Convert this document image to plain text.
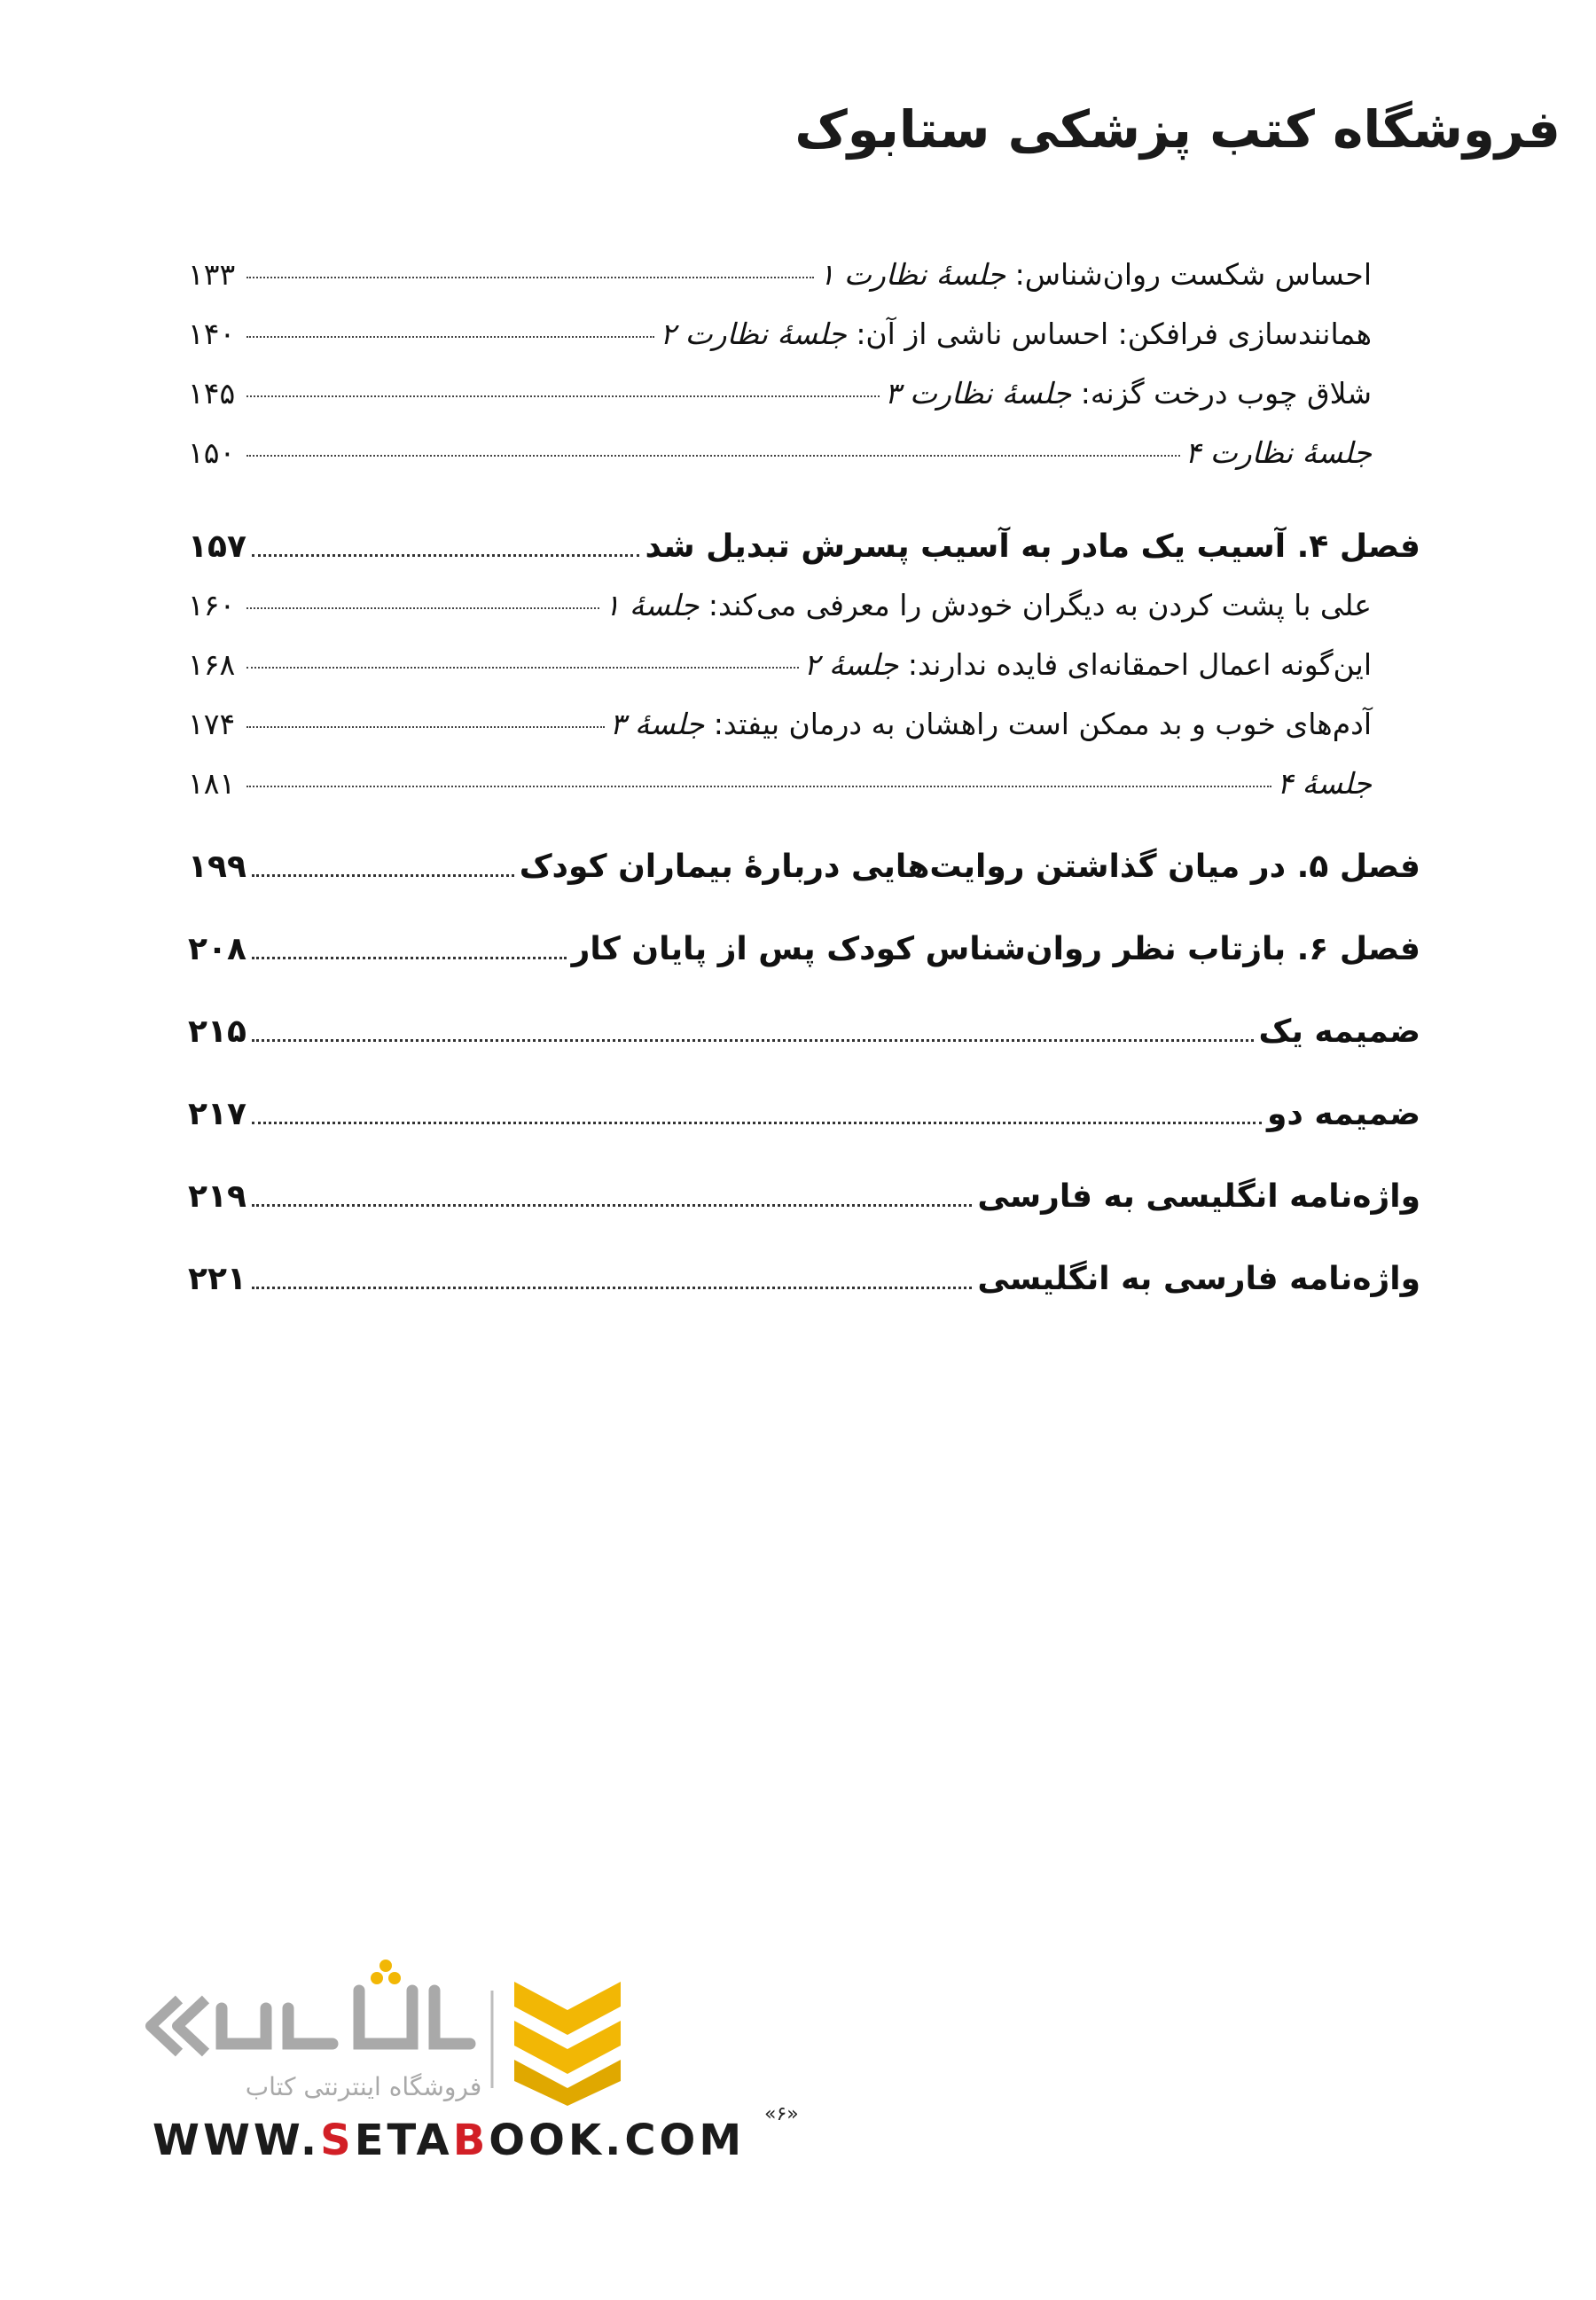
فروشگاه کتب پزشکی ستابوک
احساس شکست روان‌شناس: جلسهٔ نظارت ۱
۱۳۳
همانندسازی فرافکن: احساس ناشی از آن: جلسهٔ نظارت ۲
۱۴۰
شلاق چوب درخت گزنه: جلسهٔ نظارت ۳
۱۴۵
جلسهٔ نظارت ۴
۱۵۰
فصل ۴. آسیب یک مادر به آسیب پسرش تبدیل شد
۱۵۷
علی با پشت کردن به دیگران خودش را معرفی می‌کند: جلسهٔ ۱
۱۶۰
این‌گونه اعمال احمقانه‌ای فایده ندارند: جلسهٔ ۲
۱۶۸
آدم‌های خوب و بد ممکن است راهشان به درمان بیفتد: جلسهٔ ۳
۱۷۴
جلسهٔ ۴
۱۸۱
فصل ۵. در میان گذاشتن روایت‌هایی دربارهٔ بیماران کودک
۱۹۹
فصل ۶. بازتاب نظر روان‌شناس کودک پس از پایان کار
۲۰۸
ضمیمه یک
۲۱۵
ضمیمه دو
۲۱۷
واژه‌نامه انگلیسی به فارسی
۲۱۹
واژه‌نامه فارسی به انگلیسی
۲۲۱
فروشگاه اینترنتی کتاب
WWW.SETABOOK.COM
«۶»
